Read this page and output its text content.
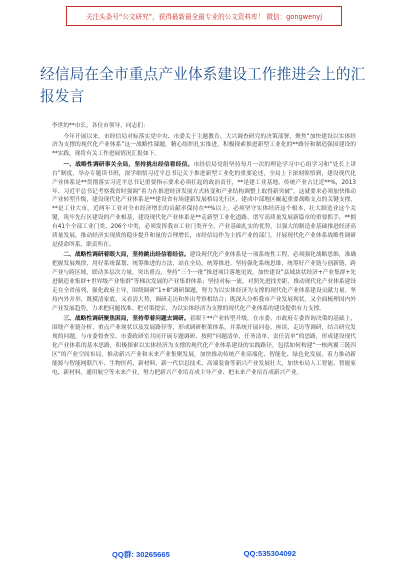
关注头条号“公文研究”，获得最新最全最专业的公文资料库！ 微信：gongwenyj
经信局在全市重点产业体系建设工作推进会上的汇报发言

李世的**市长，各位市领导，同志们：

今年开展以来，市经信局对标落实党中央、市委关于主题教育、大兴调查研究的决策部署，聚焦“加快建设以实体经济为支撑的现代化产业体系”这一战略性课题，精心组织扎实推进，积极探索推进新型工业化的**路径和制造强国建设的**实践，现将有关工作进展情况汇报如下。

一、战略性调研事关全局，坚持挑出经信看经信。市经信局党组坚持每月一次的理论学习中心组学习和“处长上讲台”制度，举办专题读书班，深学细悟习近平总书记关于推进新型工业化的重要论述，全局上下深刻领悟到，建设现代化产业体系是**贯彻落实习近平总书记重要指示要求必须扛起的政治责任，**是建工业基地、传统产业占比近**%，2013年、习近平总书记考察我省时强调“着力在推进经济发展方式转变和产业结构调整上取得新突破”，这就要求必须加快推动产业转型升级，建设现代化产业体系是**建设省有场建新发展格局先行区，建成中部地区崛起重要战略支点的关键支撑，**是工业大市，近两年工业对全市经济增长的贡献率保持在**%以上，必须坚守实体经济这个根本，壮大制造业这个关键，筑牢先行区建设的产业根基，建设现代化产业体系是**走新型工业化道路、谱写高质量发展新篇章的重要抓手，**拥有41个全部工业门类、206个中类，必须发挥我市工业门类齐全、产业基础扎实的优势，以强大的制造业基础推进经济高质量发展，推动经济实现质的稳步提升和量的合理增长，市经信局作为主抓产业的部门，开展现代化产业体系战略性调研是使命所系、职责所在。

二、战略性调研着眼大局，坚持跳出经信看经信。建设现代化产业体系是一项系统性工程，必须强化战略思维，准确把握发展规律，用好系统谋划、统筹推进的方法，站在全局，统筹推进。坚持强化系统思维，统筹好产业链与创新链、跨产业与跨区域，联动多层次力量，突出重点，坚持“三个一批”推进项目落地见效，加快建设“县域块状经济+产业集群+先进制造业集群+世界级产业集群”等梯次发展的产业集群体系；坚持对标一流，对照先进找差距，推动现代化产业体系建设走在全省前列，强化政府主导，围绕调研“1+8”调研课题，努力为以实体经济为支撑的现代化产业体系建设贡献力量。坚持内外并举，既摸清家底，又看清大势，调研走访和外出考察相结合；既深入分析我市产业发展现状，又全面梳理国内外产业发展趋势，力求把问题找准、把对策提实，为以实体经济为支撑的现代化产业体系的建设提供有力支撑。

三、战略性调研聚焦困局，坚持带着问题去调研。着眼于**产业转型升级，在市委、市政府专委咨询决策的基础上，围绕产业链分析、重点产业现状以及发展路径等，形成调研框架体系，并系统开展问卷、座谈、走访等调研，结合研究发现的问题，与市委督查室、市委政研室共同开展专题调研，按照“问题清单、任务清单、责任清单”的思路，形成建设现代化产业体系的基本思路，积极探索以实体经济为支撑的现代化产业体系建设的实践路径，包括如何构建“一核两翼三链四区”的产业空间布局，推动新兴产业和未来产业集聚发展，加快推动传统产业高端化、智能化、绿色化发展，着力推动新能源与智能网联汽车、生物医药、新材料、新一代信息技术、高端装备等新兴产业发展壮大，加快布局人工智能、智能家电、新材料、通用航空等未来产业，努力把新兴产业培育成主导产业、把未来产业培育成新兴产业。

QQ群: 30265665	QQ:535304092
